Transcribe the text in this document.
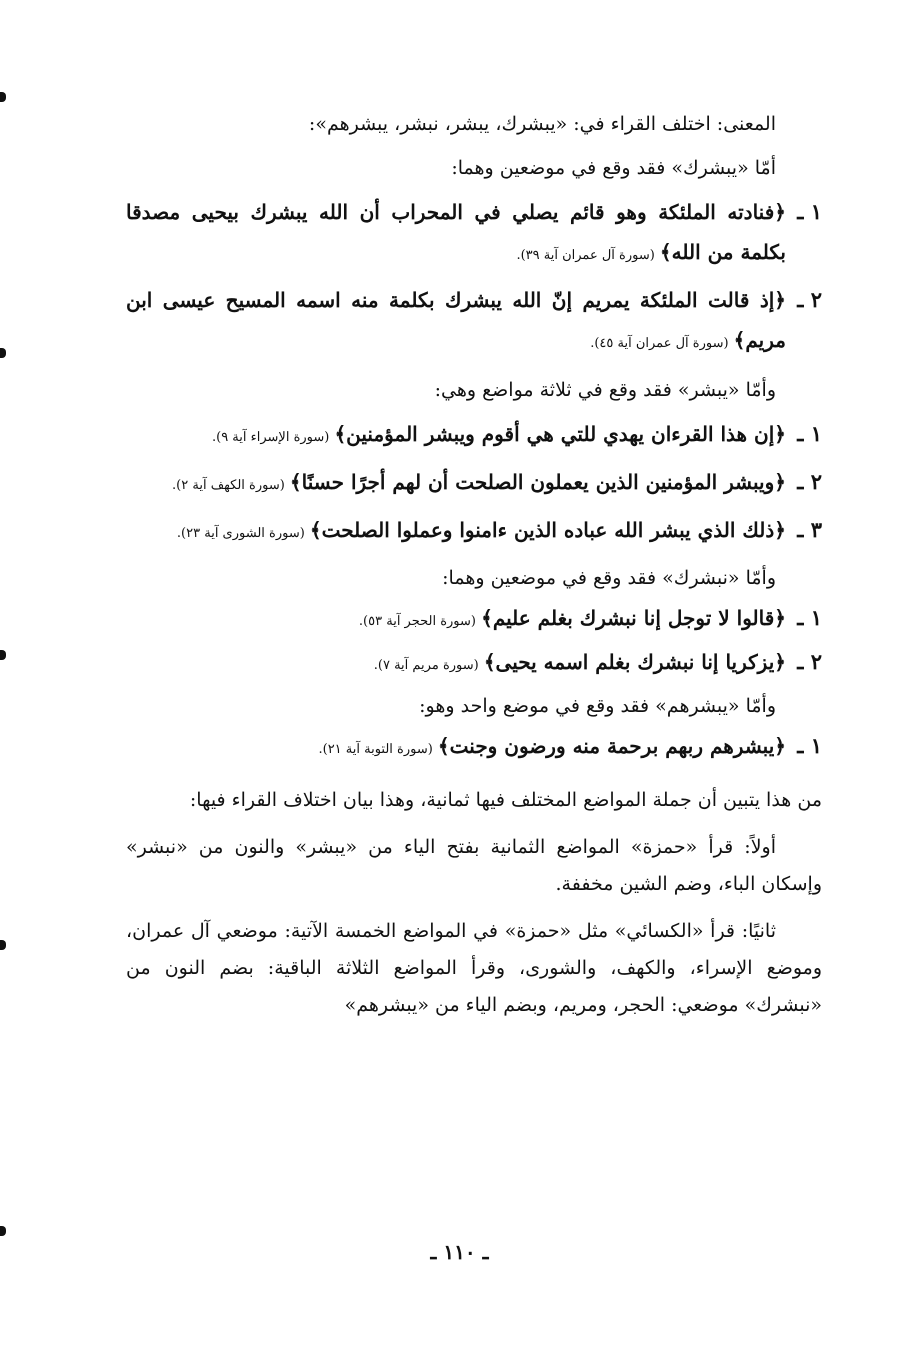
المعنى: اختلف القراء في: «يبشرك، يبشر، نبشر، يبشرهم»:
أمّا «يبشرك» فقد وقع في موضعين وهما:
١ ـ
﴿فنادته الملئكة وهو قائم يصلي في المحراب أن الله يبشرك بيحيى مصدقا بكلمة من الله﴾ (سورة آل عمران آية ٣٩).
٢ ـ
﴿إذ قالت الملئكة يمريم إنّ الله يبشرك بكلمة منه اسمه المسيح عيسى ابن مريم﴾ (سورة آل عمران آية ٤٥).
وأمّا «يبشر» فقد وقع في ثلاثة مواضع وهي:
١ ـ
﴿إن هذا القرءان يهدي للتي هي أقوم ويبشر المؤمنين﴾ (سورة الإسراء آية ٩).
٢ ـ
﴿ويبشر المؤمنين الذين يعملون الصلحت أن لهم أجرًا حسنًا﴾ (سورة الكهف آية ٢).
٣ ـ
﴿ذلك الذي يبشر الله عباده الذين ءامنوا وعملوا الصلحت﴾ (سورة الشورى آية ٢٣).
وأمّا «نبشرك» فقد وقع في موضعين وهما:
١ ـ
﴿قالوا لا توجل إنا نبشرك بغلم عليم﴾ (سورة الحجر آية ٥٣).
٢ ـ
﴿يزكريا إنا نبشرك بغلم اسمه يحيى﴾ (سورة مريم آية ٧).
وأمّا «يبشرهم» فقد وقع في موضع واحد وهو:
١ ـ
﴿يبشرهم ربهم برحمة منه ورضون وجنت﴾ (سورة التوبة آية ٢١).
من هذا يتبين أن جملة المواضع المختلف فيها ثمانية، وهذا بيان اختلاف القراء فيها:
أولاً: قرأ «حمزة» المواضع الثمانية بفتح الياء من «يبشر» والنون من «نبشر» وإسكان الباء، وضم الشين مخففة.
ثانيًا: قرأ «الكسائي» مثل «حمزة» في المواضع الخمسة الآتية: موضعي آل عمران، وموضع الإسراء، والكهف، والشورى، وقرأ المواضع الثلاثة الباقية: بضم النون من «نبشرك» موضعي: الحجر، ومريم، وبضم الياء من «يبشرهم»
ـ ١١٠ ـ
